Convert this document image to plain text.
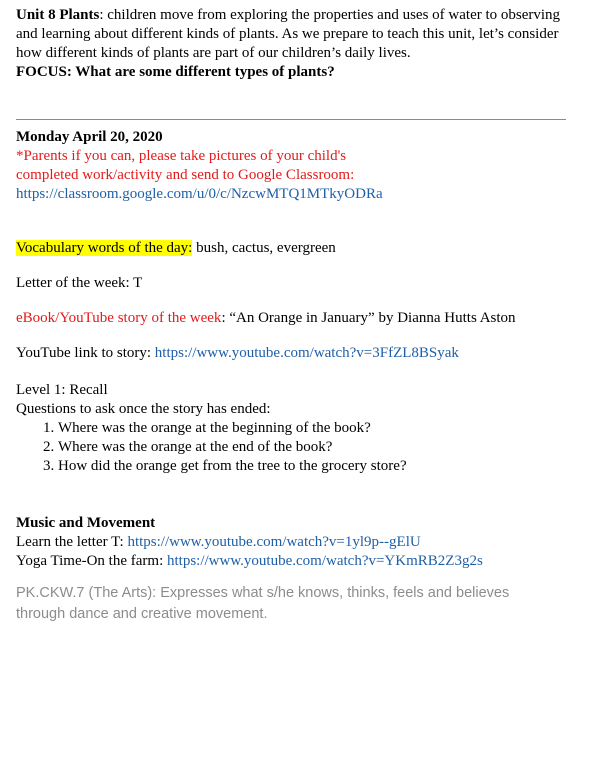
Unit 8 Plants: children move from exploring the properties and uses of water to observing and learning about different kinds of plants. As we prepare to teach this unit, let’s consider how different kinds of plants are part of our children’s daily lives.

FOCUS: What are some different types of plants?

Monday April 20, 2020

*Parents if you can, please take pictures of your child's

completed work/activity and send to Google Classroom:

https://classroom.google.com/u/0/c/NzcwMTQ1MTkyODRa

Vocabulary words of the day: bush, cactus, evergreen

Letter of the week: T

eBook/YouTube story of the week: “An Orange in January” by Dianna Hutts Aston

YouTube link to story: https://www.youtube.com/watch?v=3FfZL8BSyak

Level 1: Recall

Questions to ask once the story has ended:

1. Where was the orange at the beginning of the book?
2. Where was the orange at the end of the book?
3. How did the orange get from the tree to the grocery store?

Music and Movement

Learn the letter T: https://www.youtube.com/watch?v=1yl9p--gElU

Yoga Time-On the farm: https://www.youtube.com/watch?v=YKmRB2Z3g2s

PK.CKW.7 (The Arts): Expresses what s/he knows, thinks, feels and believes through dance and creative movement.
